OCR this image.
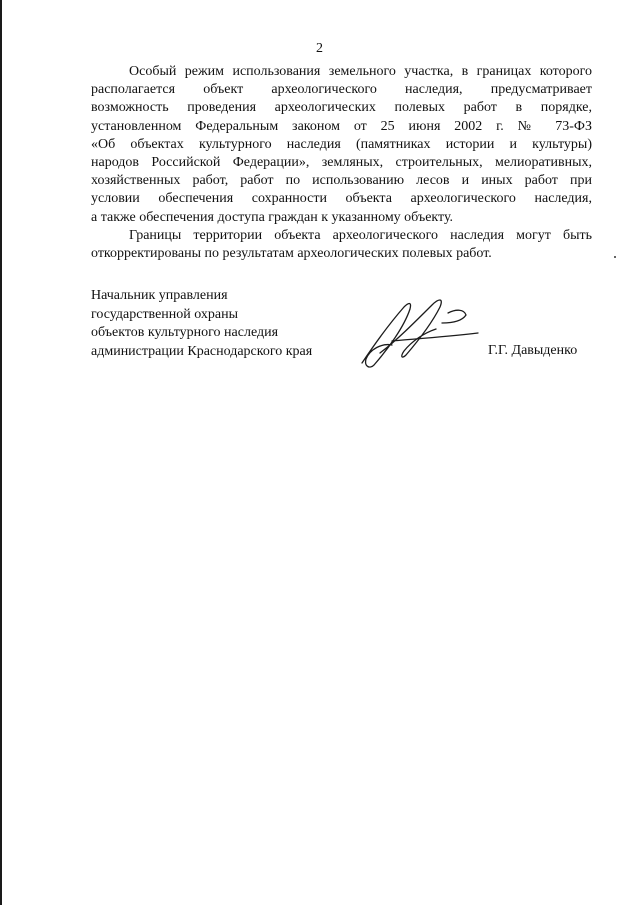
2

Особый режим использования земельного участка, в границах которого
располагается объект археологического наследия, предусматривает
возможность проведения археологических полевых работ в порядке,
установленном Федеральным законом от 25 июня 2002 г. № 73-ФЗ
«Об объектах культурного наследия (памятниках истории и культуры)
народов Российской Федерации», земляных, строительных, мелиоративных,
хозяйственных работ, работ по использованию лесов и иных работ при
условии обеспечения сохранности объекта археологического наследия,
а также обеспечения доступа граждан к указанному объекту.

Границы территории объекта археологического наследия могут быть
откорректированы по результатам археологических полевых работ.

Начальник управления
государственной охраны
объектов культурного наследия
администрации Краснодарского края	Г.Г. Давыденко
